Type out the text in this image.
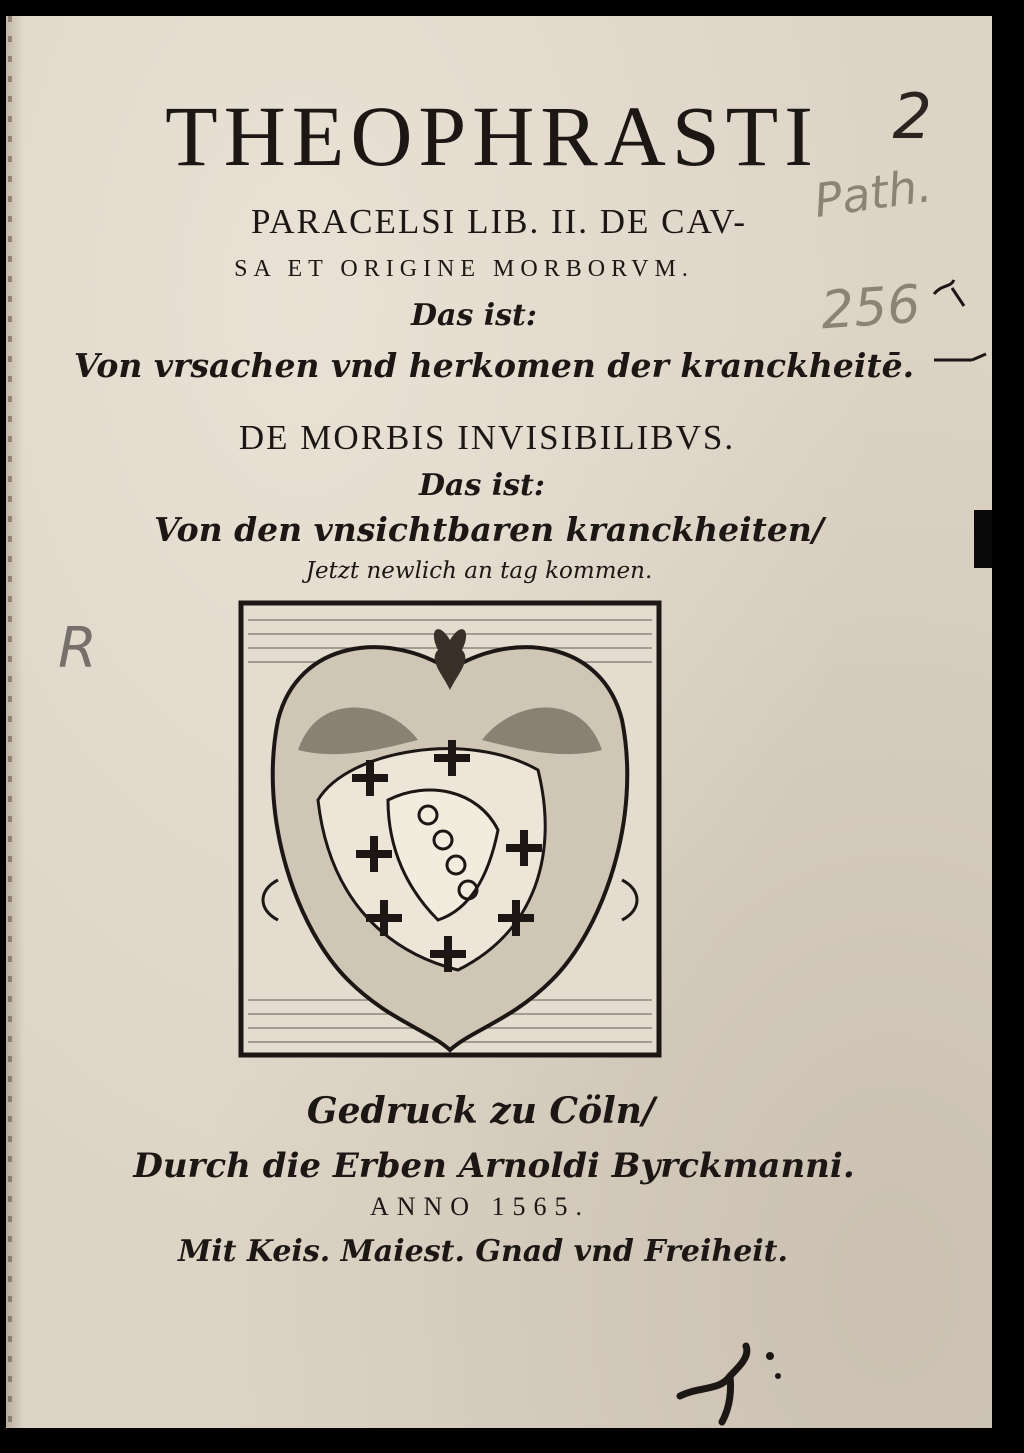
THEOPHRASTI
PARACELSI LIB. II. DE CAV-
SA ET ORIGINE MORBORVM.
Das ist:
Von vrsachen vnd herkomen der kranckheitē.
DE MORBIS INVISIBILIBVS.
Das ist:
Von den vnsichtbaren kranckheiten/
Jetzt newlich an tag kommen.
Gedruck zu Cöln/
Durch die Erben Arnoldi Byrckmanni.
ANNO 1565.
Mit Keis. Maiest. Gnad vnd Freiheit.
2
Path.
256
R
